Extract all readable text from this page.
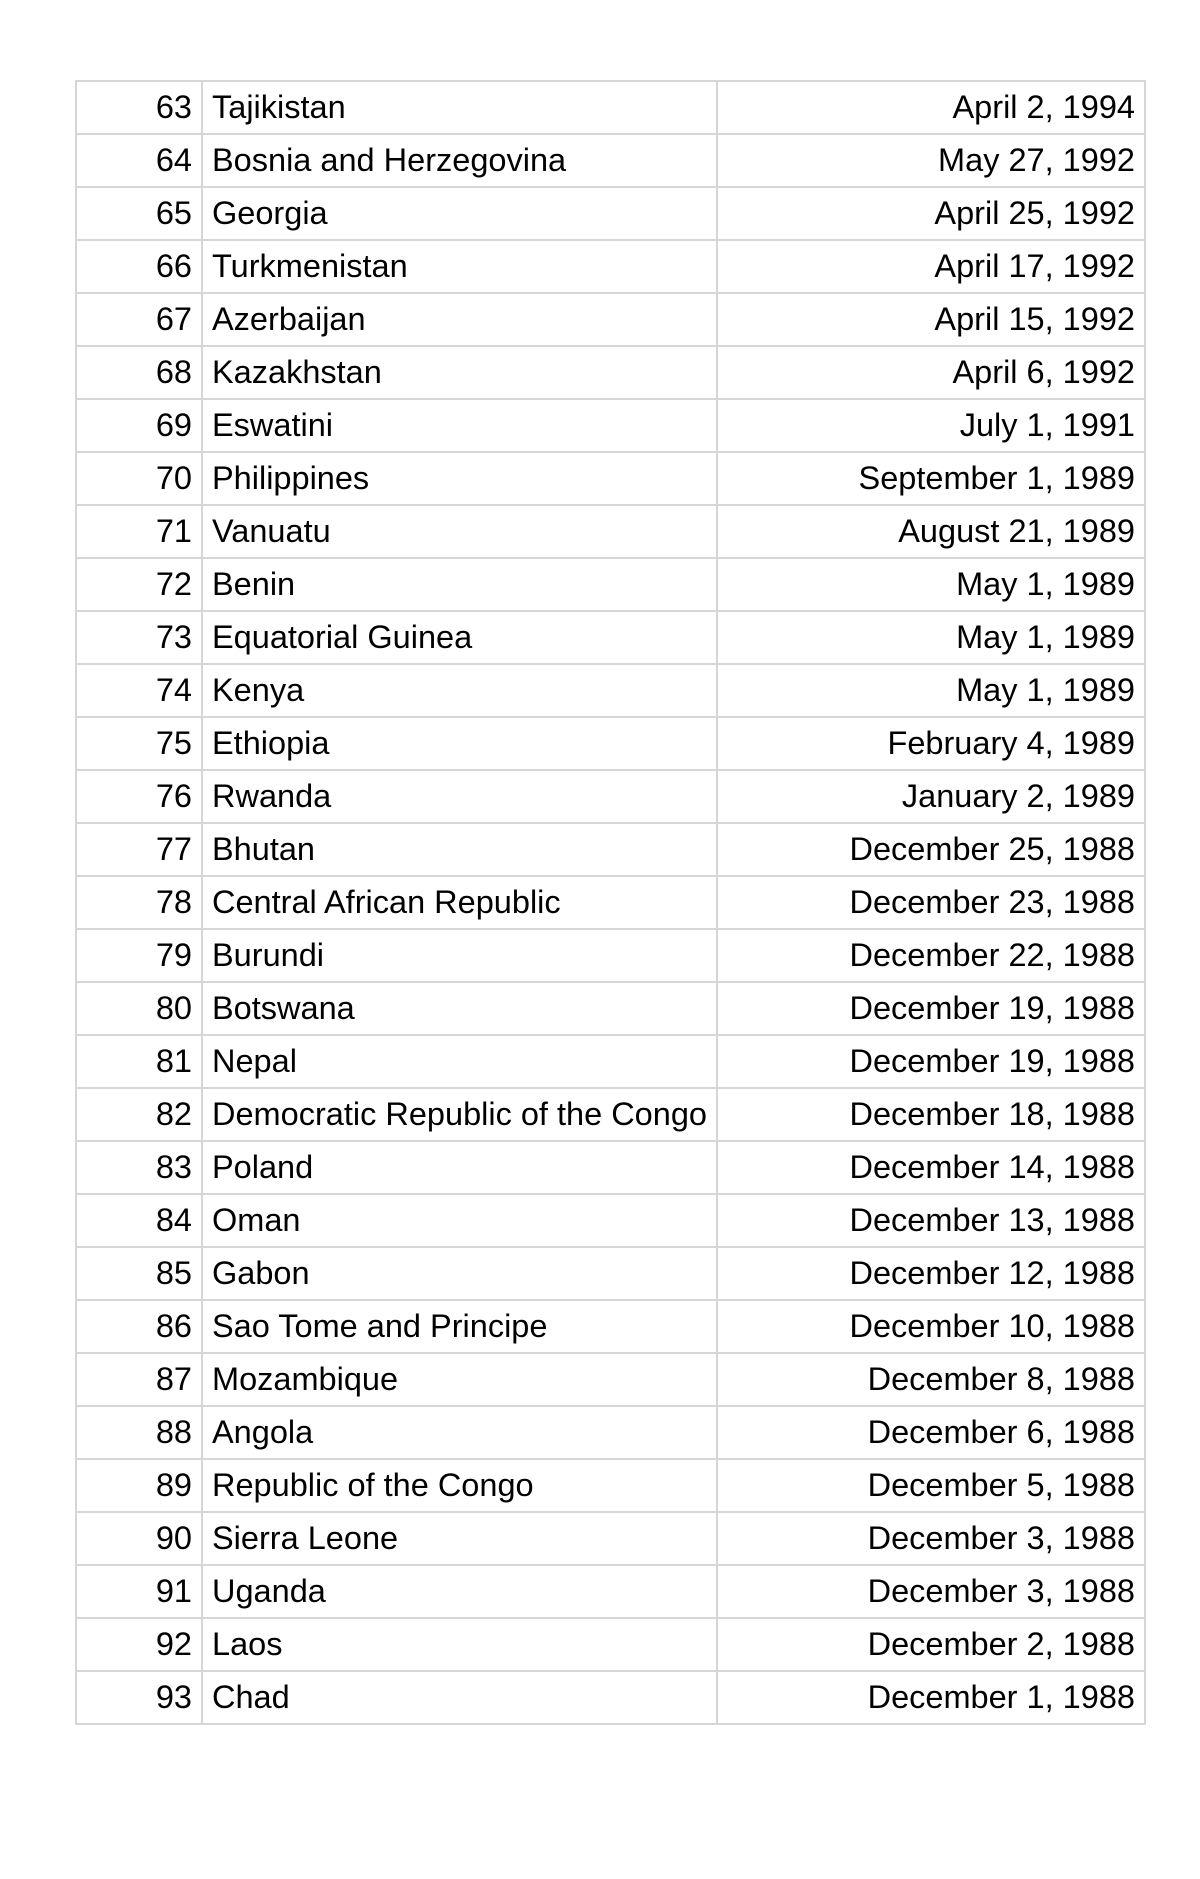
63	Tajikistan	April 2, 1994
64	Bosnia and Herzegovina	May 27, 1992
65	Georgia	April 25, 1992
66	Turkmenistan	April 17, 1992
67	Azerbaijan	April 15, 1992
68	Kazakhstan	April 6, 1992
69	Eswatini	July 1, 1991
70	Philippines	September 1, 1989
71	Vanuatu	August 21, 1989
72	Benin	May 1, 1989
73	Equatorial Guinea	May 1, 1989
74	Kenya	May 1, 1989
75	Ethiopia	February 4, 1989
76	Rwanda	January 2, 1989
77	Bhutan	December 25, 1988
78	Central African Republic	December 23, 1988
79	Burundi	December 22, 1988
80	Botswana	December 19, 1988
81	Nepal	December 19, 1988
82	Democratic Republic of the Congo	December 18, 1988
83	Poland	December 14, 1988
84	Oman	December 13, 1988
85	Gabon	December 12, 1988
86	Sao Tome and Principe	December 10, 1988
87	Mozambique	December 8, 1988
88	Angola	December 6, 1988
89	Republic of the Congo	December 5, 1988
90	Sierra Leone	December 3, 1988
91	Uganda	December 3, 1988
92	Laos	December 2, 1988
93	Chad	December 1, 1988
